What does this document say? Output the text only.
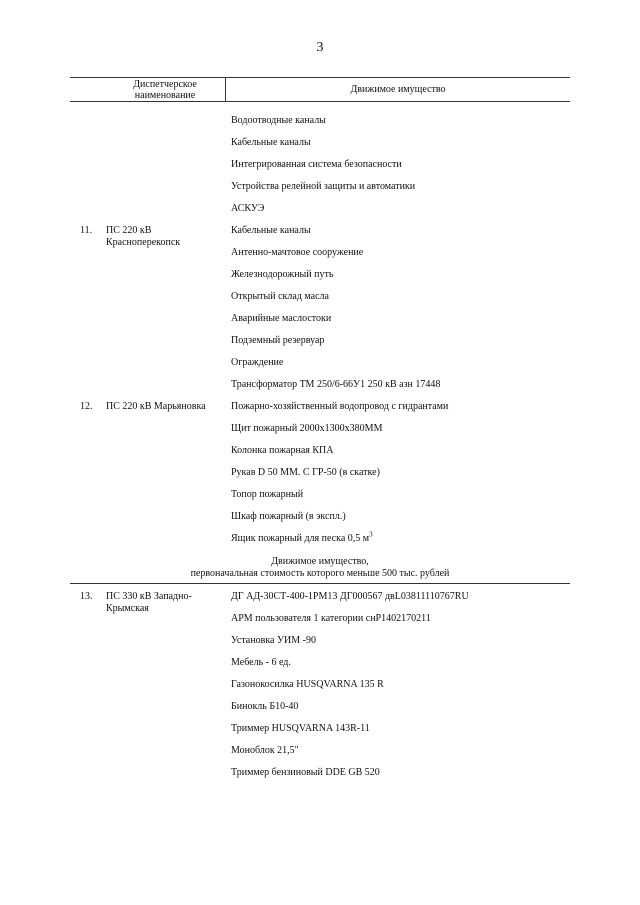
3
Диспетчерское
наименование
Движимое имущество
Водоотводные каналы
Кабельные каналы
Интегрированная система безопасности
Устройства релейной защиты и автоматики
АСКУЭ
11. ПС 220 кВ Красноперекопск
Кабельные каналы
Антенно-мачтовое сооружение
Железнодорожный путь
Открытый склад масла
Аварийные маслостоки
Подземный резервуар
Ограждение
Трансформатор ТМ 250/6-66У1 250 кВ азн 17448
12. ПС 220 кВ Марьяновка	Пожарно-хозяйственный водопровод с гидрантами
Щит пожарный 2000х1300х380ММ
Колонка пожарная КПА
Рукав D 50 ММ. С ГР-50 (в скатке)
Топор пожарный
Шкаф пожарный (в экспл.)
Ящик пожарный для песка 0,5 $м^3$
Движимое имущество,
первоначальная стоимость которого меньше 500 тыс. рублей
13. ПС 330 кВ Западно-Крымская
ДГ АД-30СТ-400-1РМ13 ДГ000567 двL03811110767RU
АРМ пользователя 1 категории снР1402170211
Установка УИМ -90
Мебель - 6 ед.
Газонокосилка HUSQVARNA 135 R
Бинокль Б10-40
Триммер HUSQVARNA 143R-11
Моноблок 21,5"
Триммер бензиновый DDE GB 520
